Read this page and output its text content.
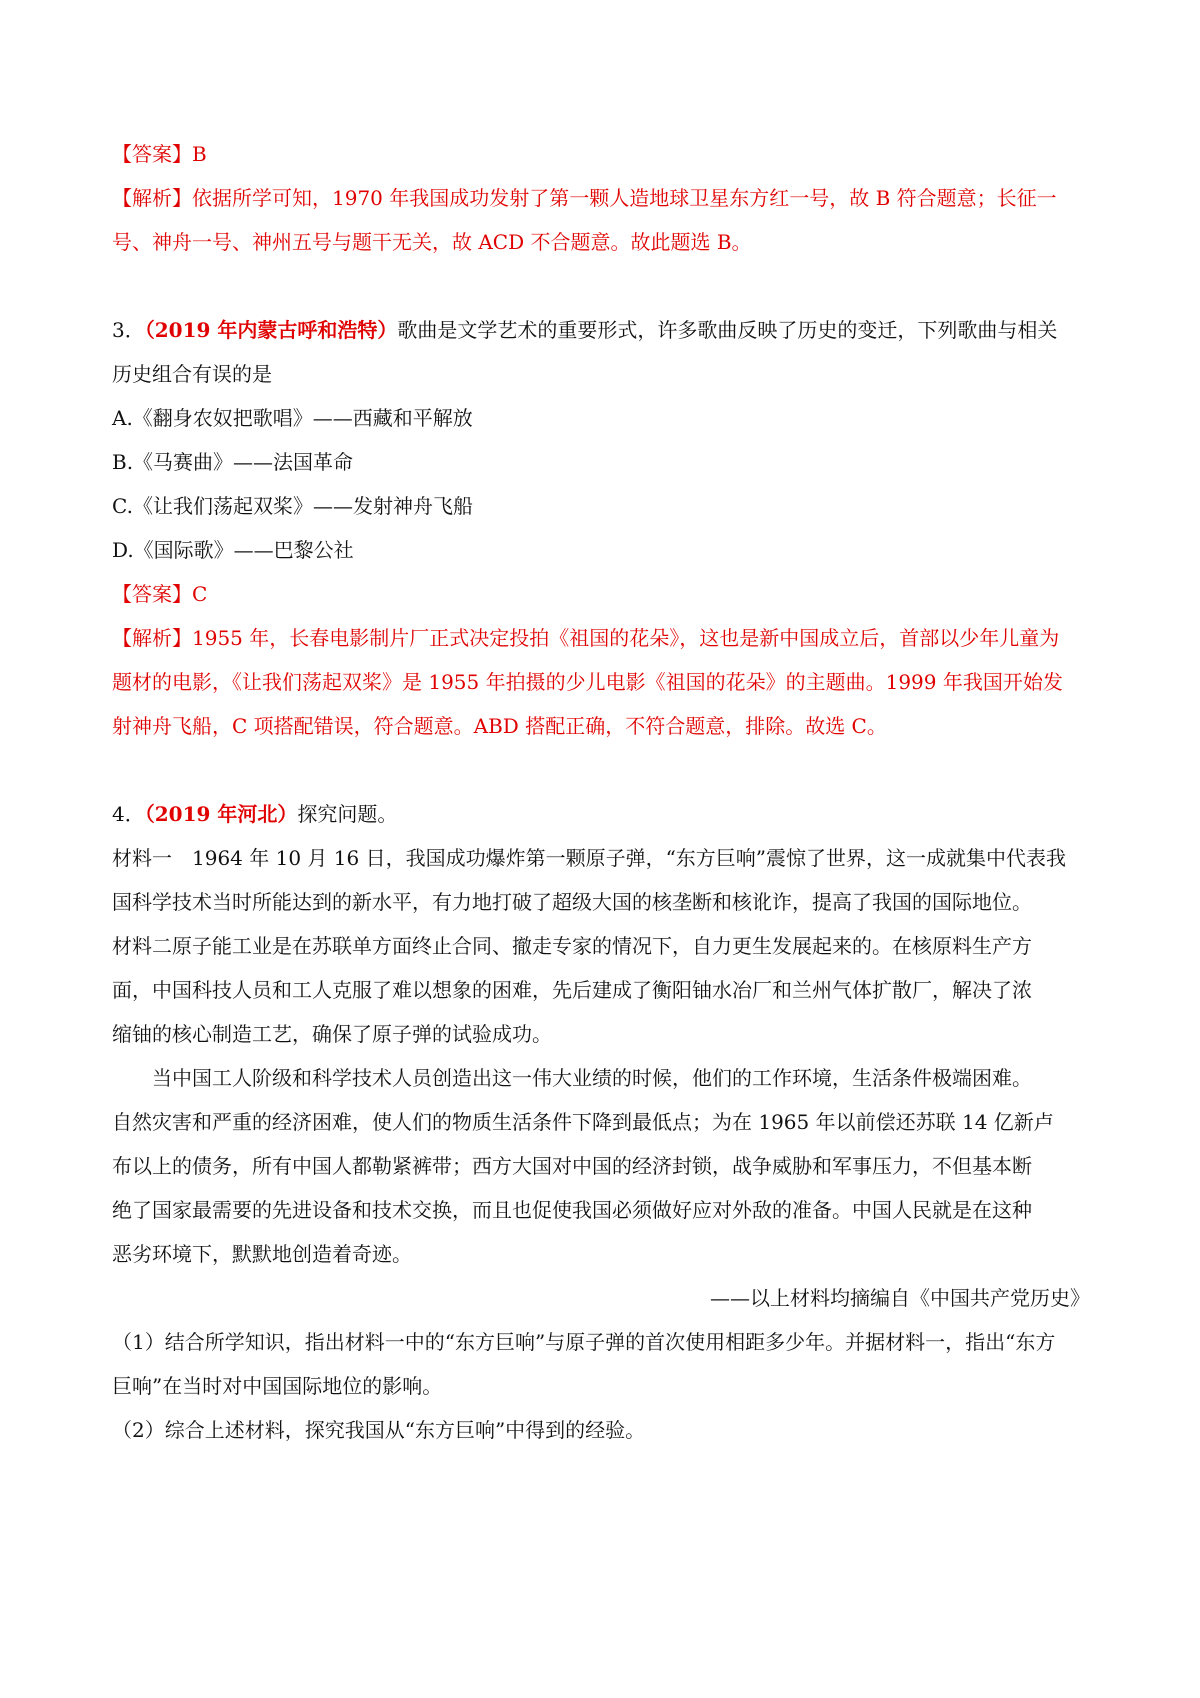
【答案】B
【解析】依据所学可知，1970 年我国成功发射了第一颗人造地球卫星东方红一号，故 B 符合题意；长征一
号、神舟一号、神州五号与题干无关，故 ACD 不合题意。故此题选 B。
3．（2019 年内蒙古呼和浩特）歌曲是文学艺术的重要形式，许多歌曲反映了历史的变迁，下列歌曲与相关
历史组合有误的是
A.《翻身农奴把歌唱》——西藏和平解放
B.《马赛曲》——法国革命
C.《让我们荡起双桨》——发射神舟飞船
D.《国际歌》——巴黎公社
【答案】C
【解析】1955 年，长春电影制片厂正式决定投拍《祖国的花朵》，这也是新中国成立后，首部以少年儿童为
题材的电影，《让我们荡起双桨》是 1955 年拍摄的少儿电影《祖国的花朵》的主题曲。1999 年我国开始发
射神舟飞船，C 项搭配错误，符合题意。ABD 搭配正确，不符合题意，排除。故选 C。
4．（2019 年河北）探究问题。
材料一　1964 年 10 月 16 日，我国成功爆炸第一颗原子弹，“东方巨响”震惊了世界，这一成就集中代表我
国科学技术当时所能达到的新水平，有力地打破了超级大国的核垄断和核讹诈，提高了我国的国际地位。
材料二原子能工业是在苏联单方面终止合同、撤走专家的情况下，自力更生发展起来的。在核原料生产方
面，中国科技人员和工人克服了难以想象的困难，先后建成了衡阳铀水冶厂和兰州气体扩散厂，解决了浓
缩铀的核心制造工艺，确保了原子弹的试验成功。
当中国工人阶级和科学技术人员创造出这一伟大业绩的时候，他们的工作环境，生活条件极端困难。
自然灾害和严重的经济困难，使人们的物质生活条件下降到最低点；为在 1965 年以前偿还苏联 14 亿新卢
布以上的债务，所有中国人都勒紧裤带；西方大国对中国的经济封锁，战争威胁和军事压力，不但基本断
绝了国家最需要的先进设备和技术交换，而且也促使我国必须做好应对外敌的准备。中国人民就是在这种
恶劣环境下，默默地创造着奇迹。
——以上材料均摘编自《中国共产党历史》
（1）结合所学知识，指出材料一中的“东方巨响”与原子弹的首次使用相距多少年。并据材料一，指出“东方
巨响”在当时对中国国际地位的影响。
（2）综合上述材料，探究我国从“东方巨响”中得到的经验。
